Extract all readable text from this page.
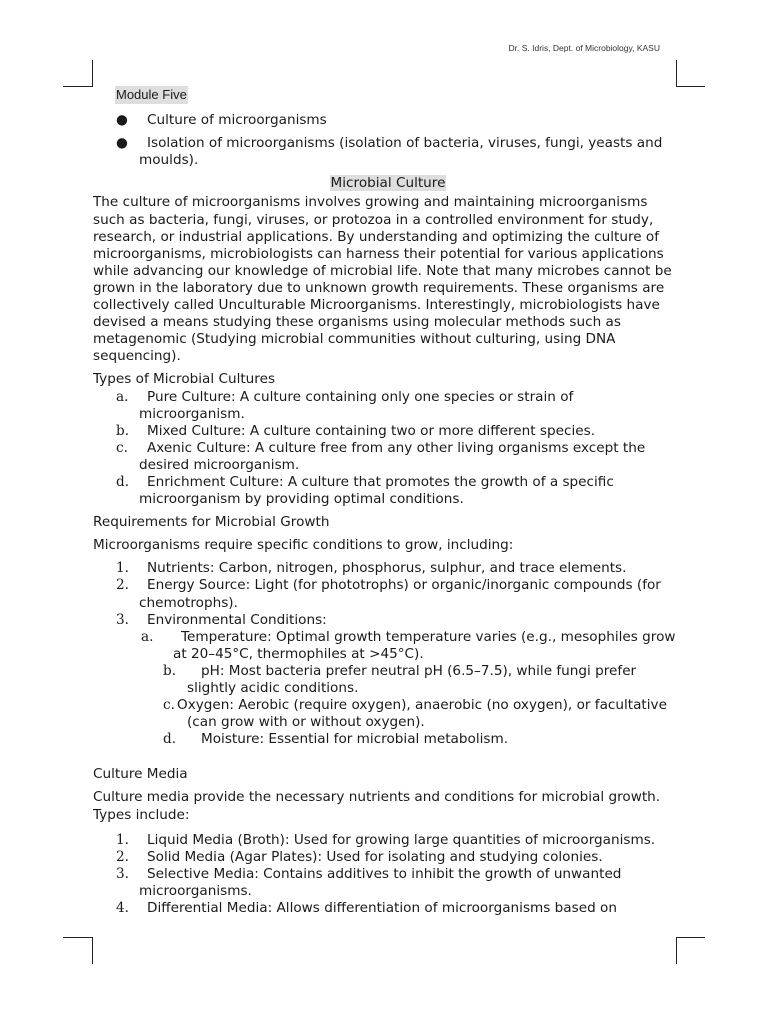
Dr. S. Idris, Dept. of Microbiology, KASU
Module Five
●	Culture of microorganisms
●	Isolation of microorganisms (isolation of bacteria, viruses, fungi, yeasts and moulds).
Microbial Culture
The culture of microorganisms involves growing and maintaining microorganisms such as bacteria, fungi, viruses, or protozoa in a controlled environment for study, research, or industrial applications. By understanding and optimizing the culture of microorganisms, microbiologists can harness their potential for various applications while advancing our knowledge of microbial life. Note that many microbes cannot be grown in the laboratory due to unknown growth requirements. These organisms are collectively called Unculturable Microorganisms. Interestingly, microbiologists have devised a means studying these organisms using molecular methods such as metagenomic (Studying microbial communities without culturing, using DNA sequencing).
Types of Microbial Cultures
a.	Pure Culture: A culture containing only one species or strain of microorganism.
b.	Mixed Culture: A culture containing two or more different species.
c.	Axenic Culture: A culture free from any other living organisms except the desired microorganism.
d.	Enrichment Culture: A culture that promotes the growth of a specific microorganism by providing optimal conditions.
Requirements for Microbial Growth
Microorganisms require specific conditions to grow, including:
1.	Nutrients: Carbon, nitrogen, phosphorus, sulphur, and trace elements.
2.	Energy Source: Light (for phototrophs) or organic/inorganic compounds (for chemotrophs).
3.	Environmental Conditions:
a.	Temperature: Optimal growth temperature varies (e.g., mesophiles grow at 20–45°C, thermophiles at >45°C).
b.	pH: Most bacteria prefer neutral pH (6.5–7.5), while fungi prefer slightly acidic conditions.
c. Oxygen: Aerobic (require oxygen), anaerobic (no oxygen), or facultative (can grow with or without oxygen).
d.	Moisture: Essential for microbial metabolism.
Culture Media
Culture media provide the necessary nutrients and conditions for microbial growth. Types include:
1.	Liquid Media (Broth): Used for growing large quantities of microorganisms.
2.	Solid Media (Agar Plates): Used for isolating and studying colonies.
3.	Selective Media: Contains additives to inhibit the growth of unwanted microorganisms.
4.	Differential Media: Allows differentiation of microorganisms based on
